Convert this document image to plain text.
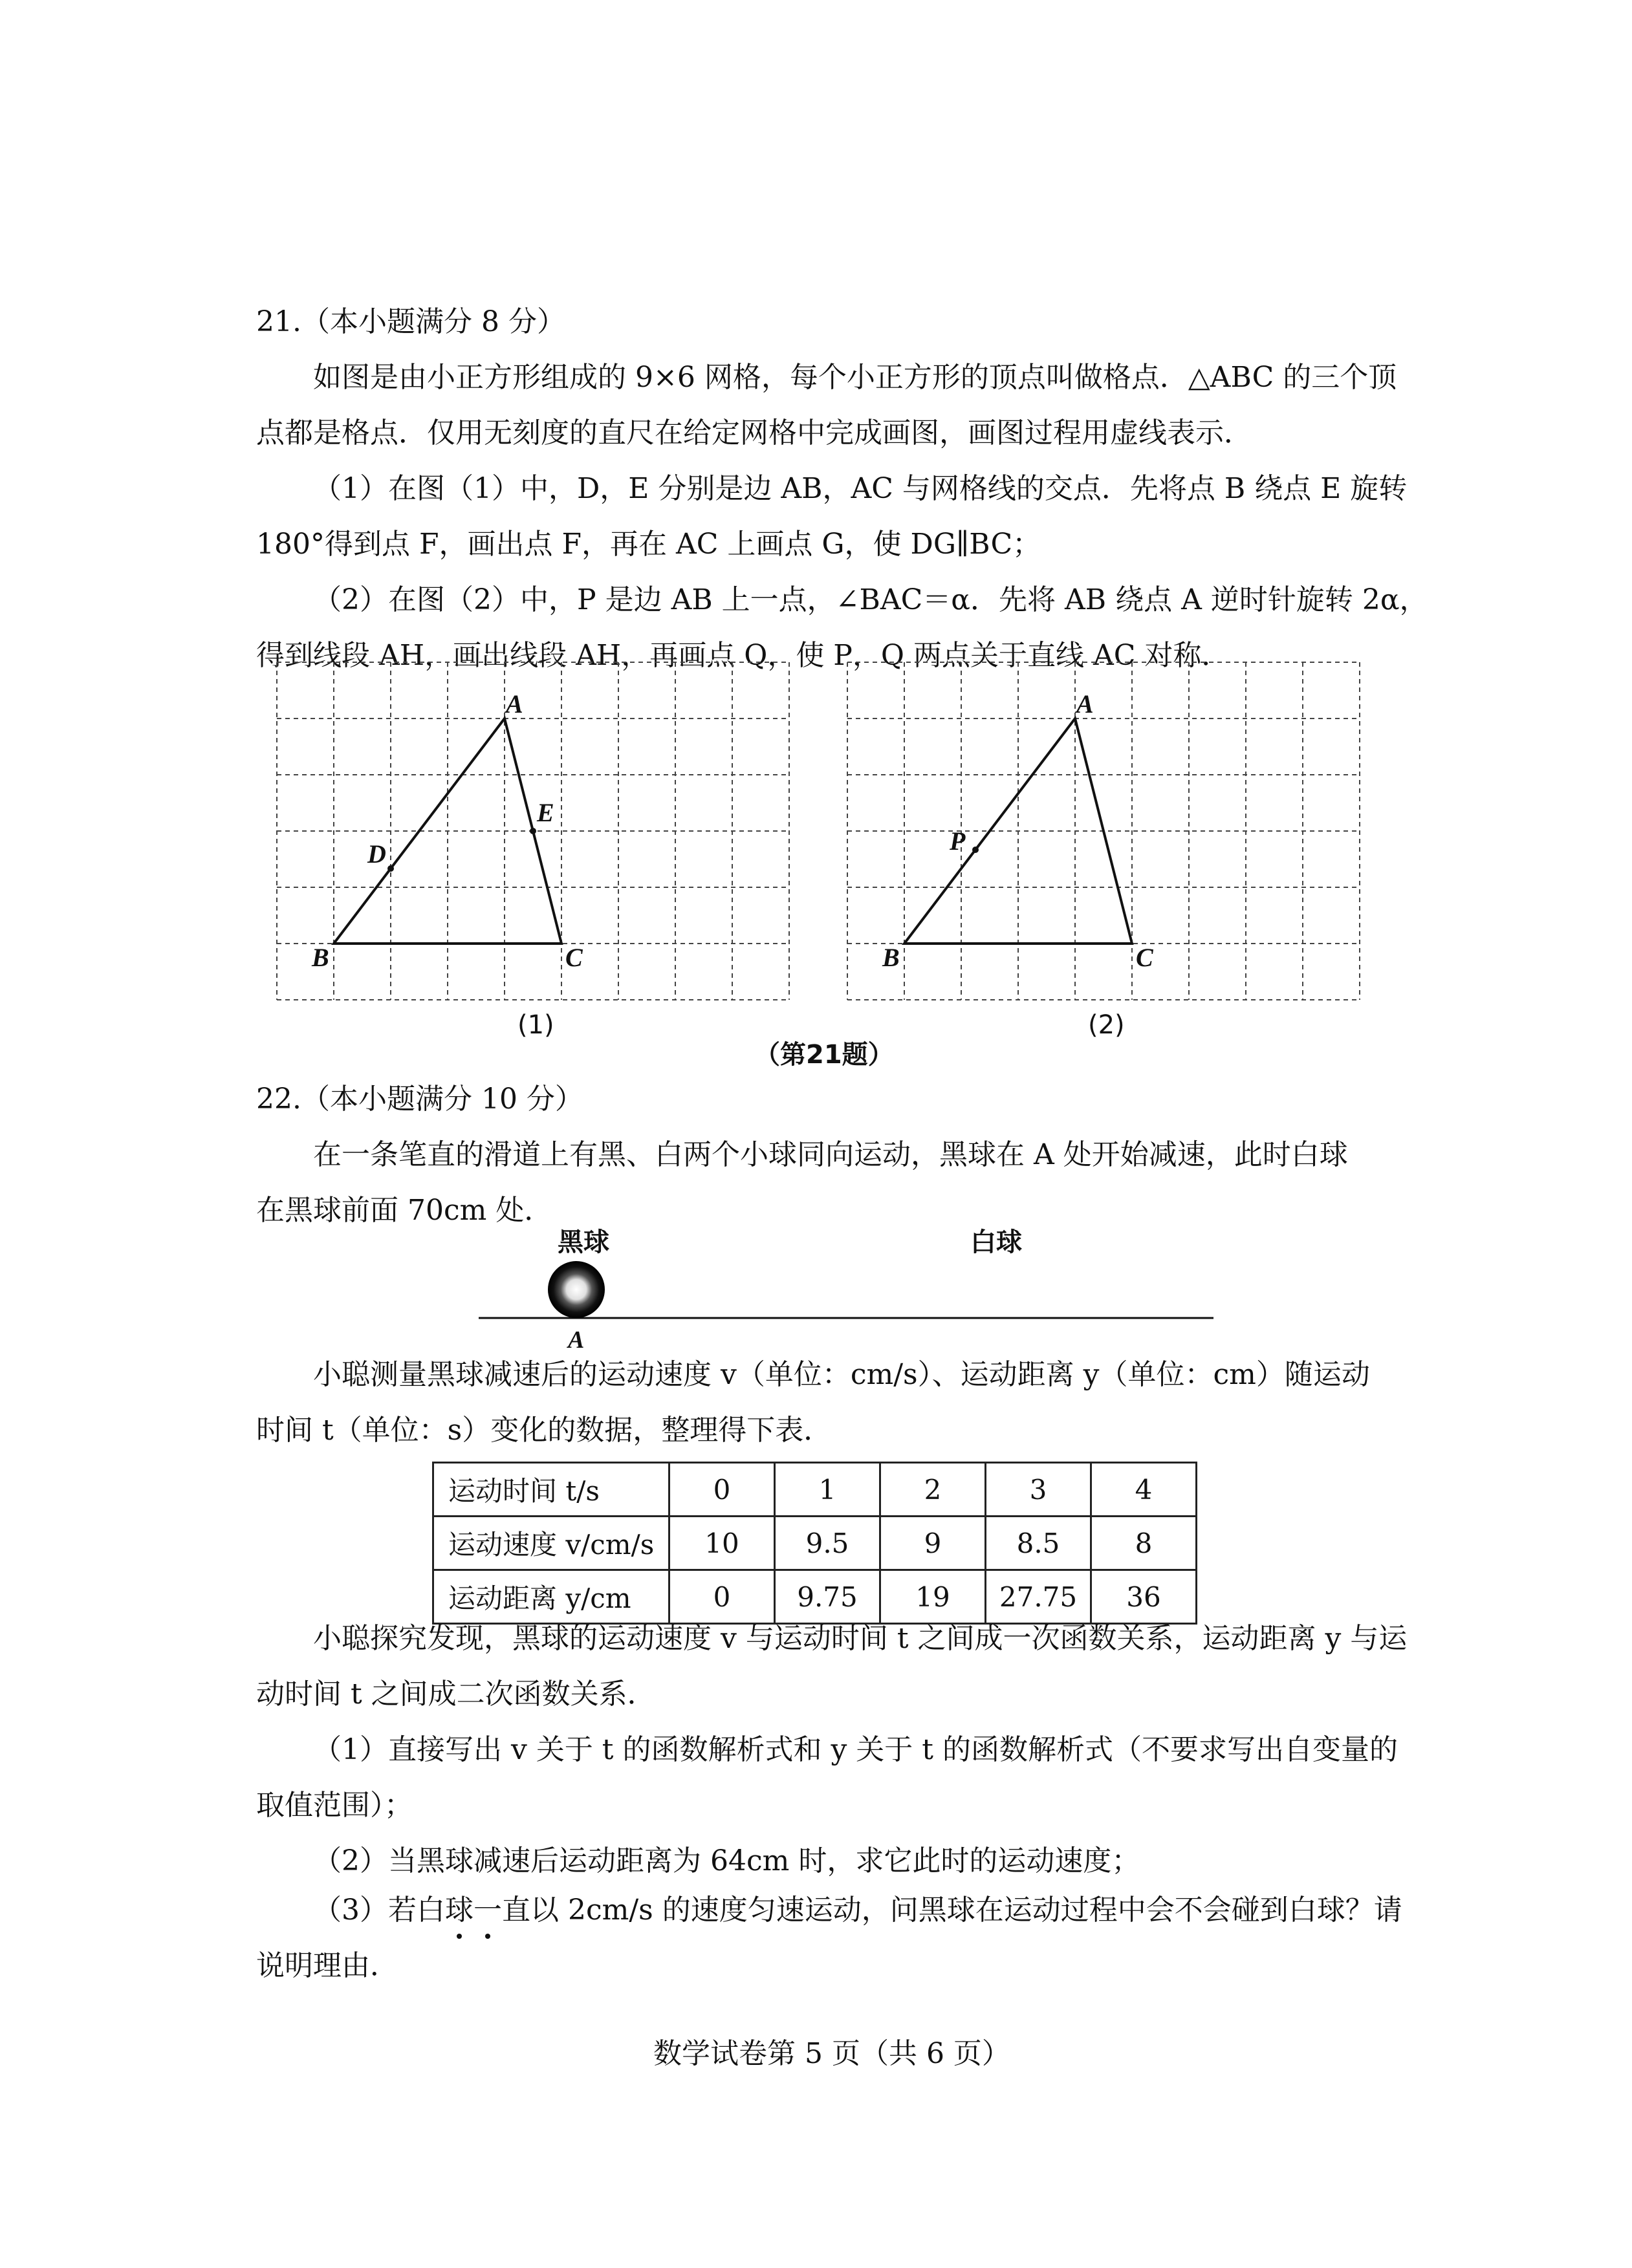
21.（本小题满分 8 分）
如图是由小正方形组成的 9×6 网格，每个小正方形的顶点叫做格点．△ABC 的三个顶
点都是格点．仅用无刻度的直尺在给定网格中完成画图，画图过程用虚线表示．
（1）在图（1）中，D，E 分别是边 AB，AC 与网格线的交点．先将点 B 绕点 E 旋转
180°得到点 F，画出点 F，再在 AC 上画点 G，使 DG∥BC；
（2）在图（2）中，P 是边 AB 上一点，∠BAC＝α．先将 AB 绕点 A 逆时针旋转 2α，
得到线段 AH，画出线段 AH，再画点 Q，使 P，Q 两点关于直线 AC 对称．
A
B	C
D
E
(1)
A
B	C
P
(2)
（第21题）
22.（本小题满分 10 分）
在一条笔直的滑道上有黑、白两个小球同向运动，黑球在 A 处开始减速，此时白球
在黑球前面 70cm 处．
黑球	白球
A
小聪测量黑球减速后的运动速度 v（单位：cm/s）、运动距离 y（单位：cm）随运动
时间 t（单位：s）变化的数据，整理得下表．
运动时间 t/s	0	1	2	3	4
运动速度 v/cm/s	10	9.5	9	8.5	8
运动距离 y/cm	0	9.75	19	27.75	36
小聪探究发现，黑球的运动速度 v 与运动时间 t 之间成一次函数关系，运动距离 y 与运
动时间 t 之间成二次函数关系．
（1）直接写出 v 关于 t 的函数解析式和 y 关于 t 的函数解析式（不要求写出自变量的
取值范围）；
（2）当黑球减速后运动距离为 64cm 时，求它此时的运动速度；
（3）若白球一直以 2cm/s 的速度匀速运动，问黑球在运动过程中会不会碰到白球？请
说明理由．
数学试卷第 5 页（共 6 页）
